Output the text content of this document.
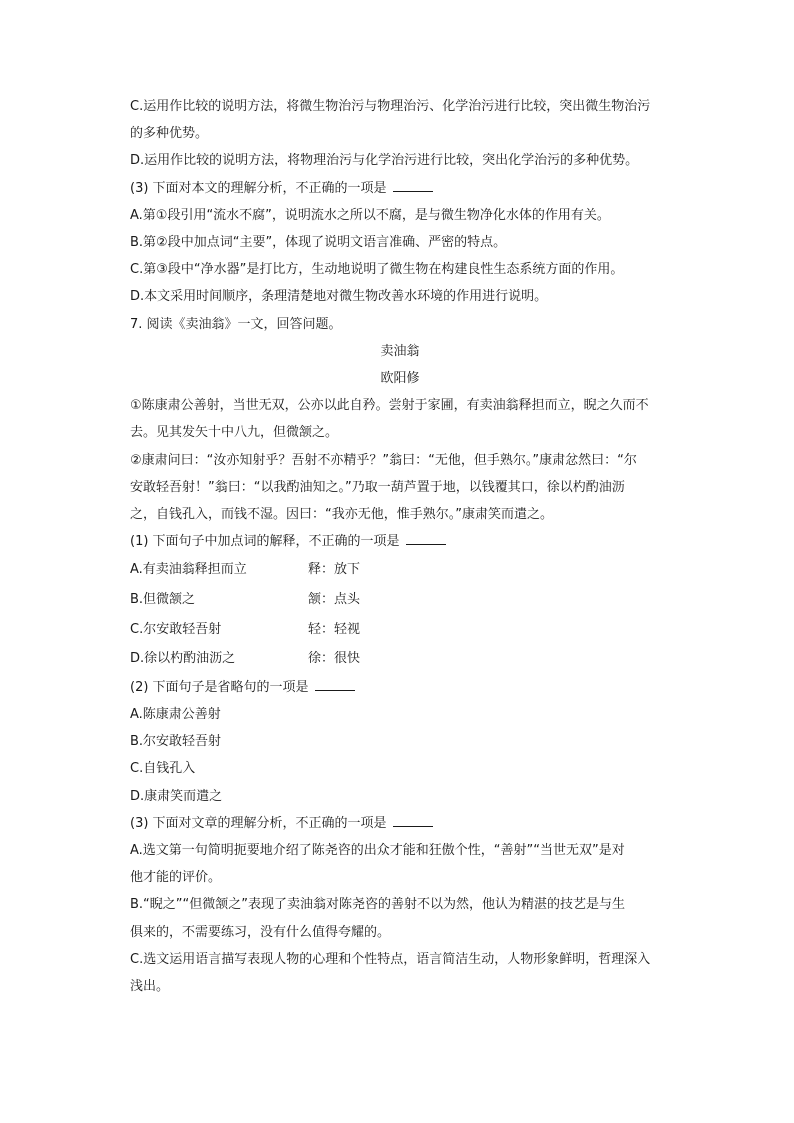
C.运用作比较的说明方法，将微生物治污与物理治污、化学治污进行比较，突出微生物治污
的多种优势。
D.运用作比较的说明方法，将物理治污与化学治污进行比较，突出化学治污的多种优势。
(3) 下面对本文的理解分析，不正确的一项是
A.第①段引用“流水不腐”，说明流水之所以不腐，是与微生物净化水体的作用有关。
B.第②段中加点词“主要”，体现了说明文语言准确、严密的特点。
C.第③段中“净水器”是打比方，生动地说明了微生物在构建良性生态系统方面的作用。
D.本文采用时间顺序，条理清楚地对微生物改善水环境的作用进行说明。
7. 阅读《卖油翁》一文，回答问题。
卖油翁
欧阳修
①陈康肃公善射，当世无双，公亦以此自矜。尝射于家圃，有卖油翁释担而立，睨之久而不
去。见其发矢十中八九，但微颔之。
②康肃问曰：“汝亦知射乎？吾射不亦精乎？”翁曰：“无他，但手熟尔。”康肃忿然曰：“尔
安敢轻吾射！”翁曰：“以我酌油知之。”乃取一葫芦置于地，以钱覆其口，徐以杓酌油沥
之，自钱孔入，而钱不湿。因曰：“我亦无他，惟手熟尔。”康肃笑而遣之。
(1) 下面句子中加点词的解释，不正确的一项是
A.有卖油翁释担而立	释：放下
B.但微颔之	颔：点头
C.尔安敢轻吾射	轻：轻视
D.徐以杓酌油沥之	徐：很快
(2) 下面句子是省略句的一项是
A.陈康肃公善射
B.尔安敢轻吾射
C.自钱孔入
D.康肃笑而遣之
(3) 下面对文章的理解分析，不正确的一项是
A.选文第一句简明扼要地介绍了陈尧咨的出众才能和狂傲个性，“善射”“当世无双”是对
他才能的评价。
B.“睨之”“但微颔之”表现了卖油翁对陈尧咨的善射不以为然，他认为精湛的技艺是与生
俱来的，不需要练习，没有什么值得夸耀的。
C.选文运用语言描写表现人物的心理和个性特点，语言简洁生动，人物形象鲜明，哲理深入
浅出。
